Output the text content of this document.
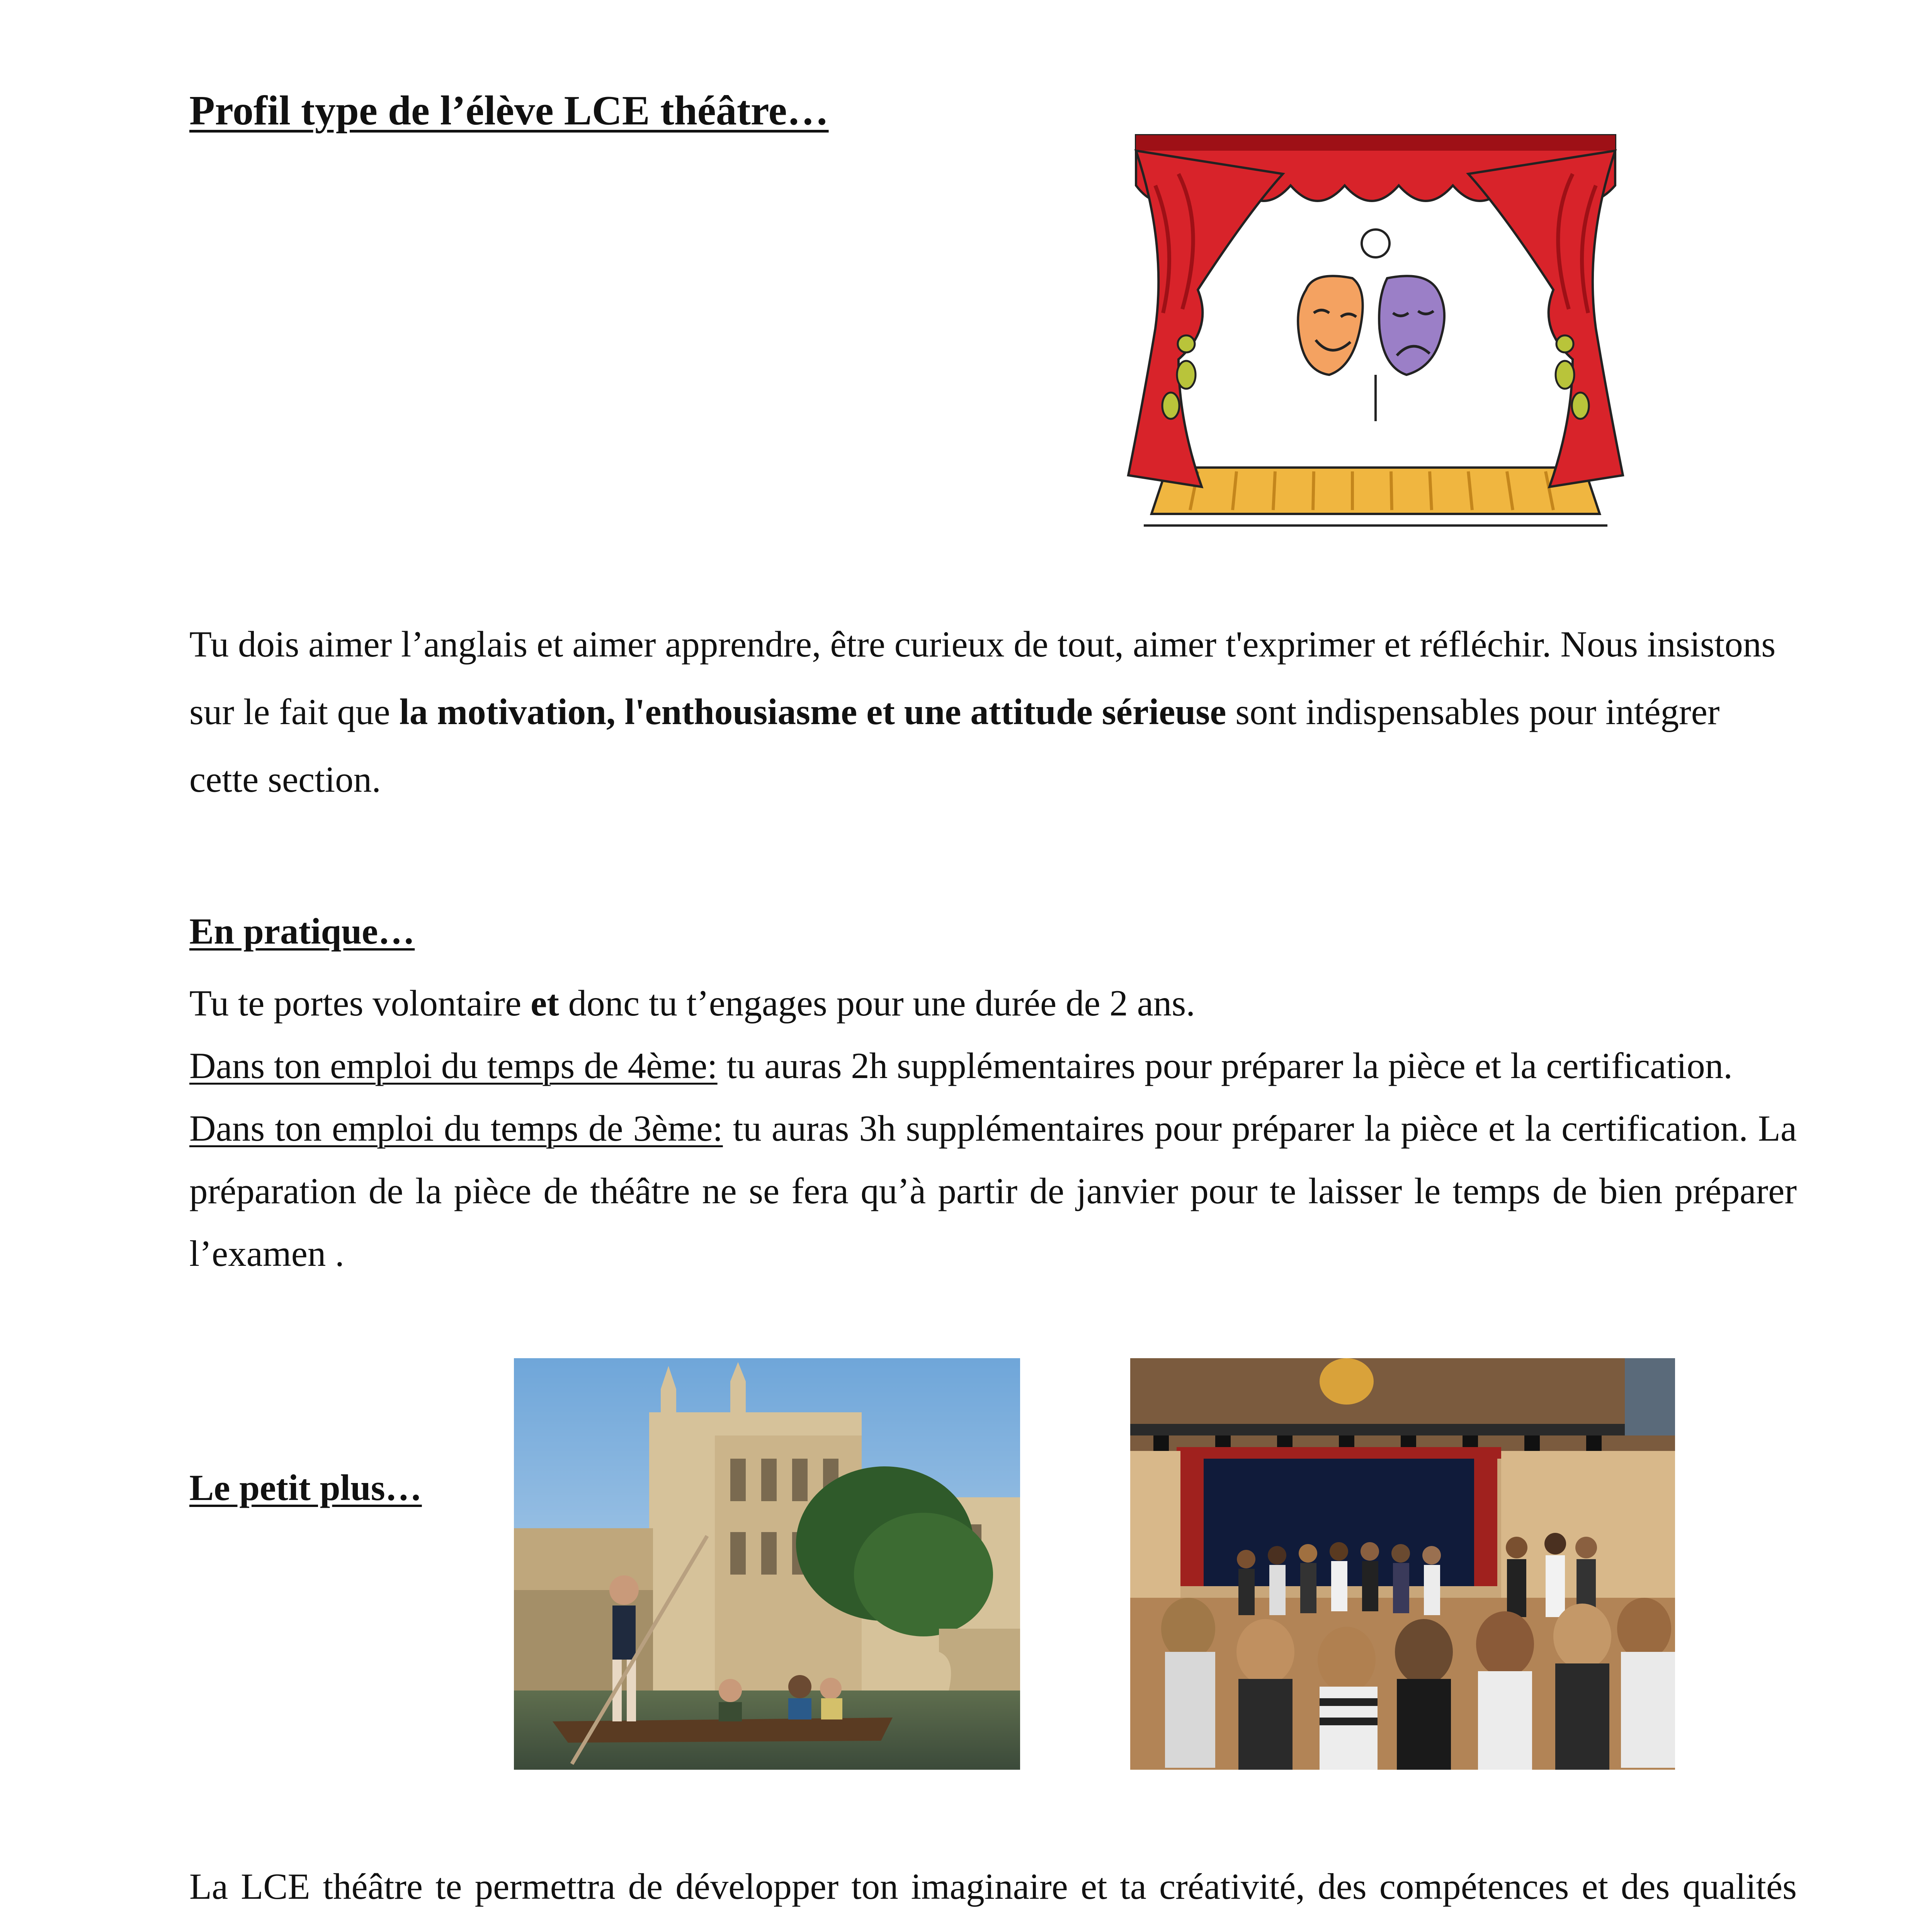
Profil type de l’élève LCE théâtre…
Tu dois aimer l’anglais et aimer apprendre, être curieux de tout, aimer t'exprimer et réfléchir. Nous insistons sur le fait que la motivation, l'enthousiasme et une attitude sérieuse sont indispensables pour intégrer cette section.
En pratique…
Tu te portes volontaire et donc tu t’engages pour une durée de 2 ans.
Dans ton emploi du temps de 4ème: tu auras 2h supplémentaires pour préparer la pièce et la certification.
Dans ton emploi du temps de 3ème: tu auras 3h supplémentaires pour préparer la pièce et la certification. La préparation de la pièce de théâtre ne se fera qu’à partir de janvier pour te laisser le temps de bien préparer l’examen .
Le petit plus…
La LCE théâtre te permettra de développer ton imaginaire et ta créativité, des compétences et des qualités
